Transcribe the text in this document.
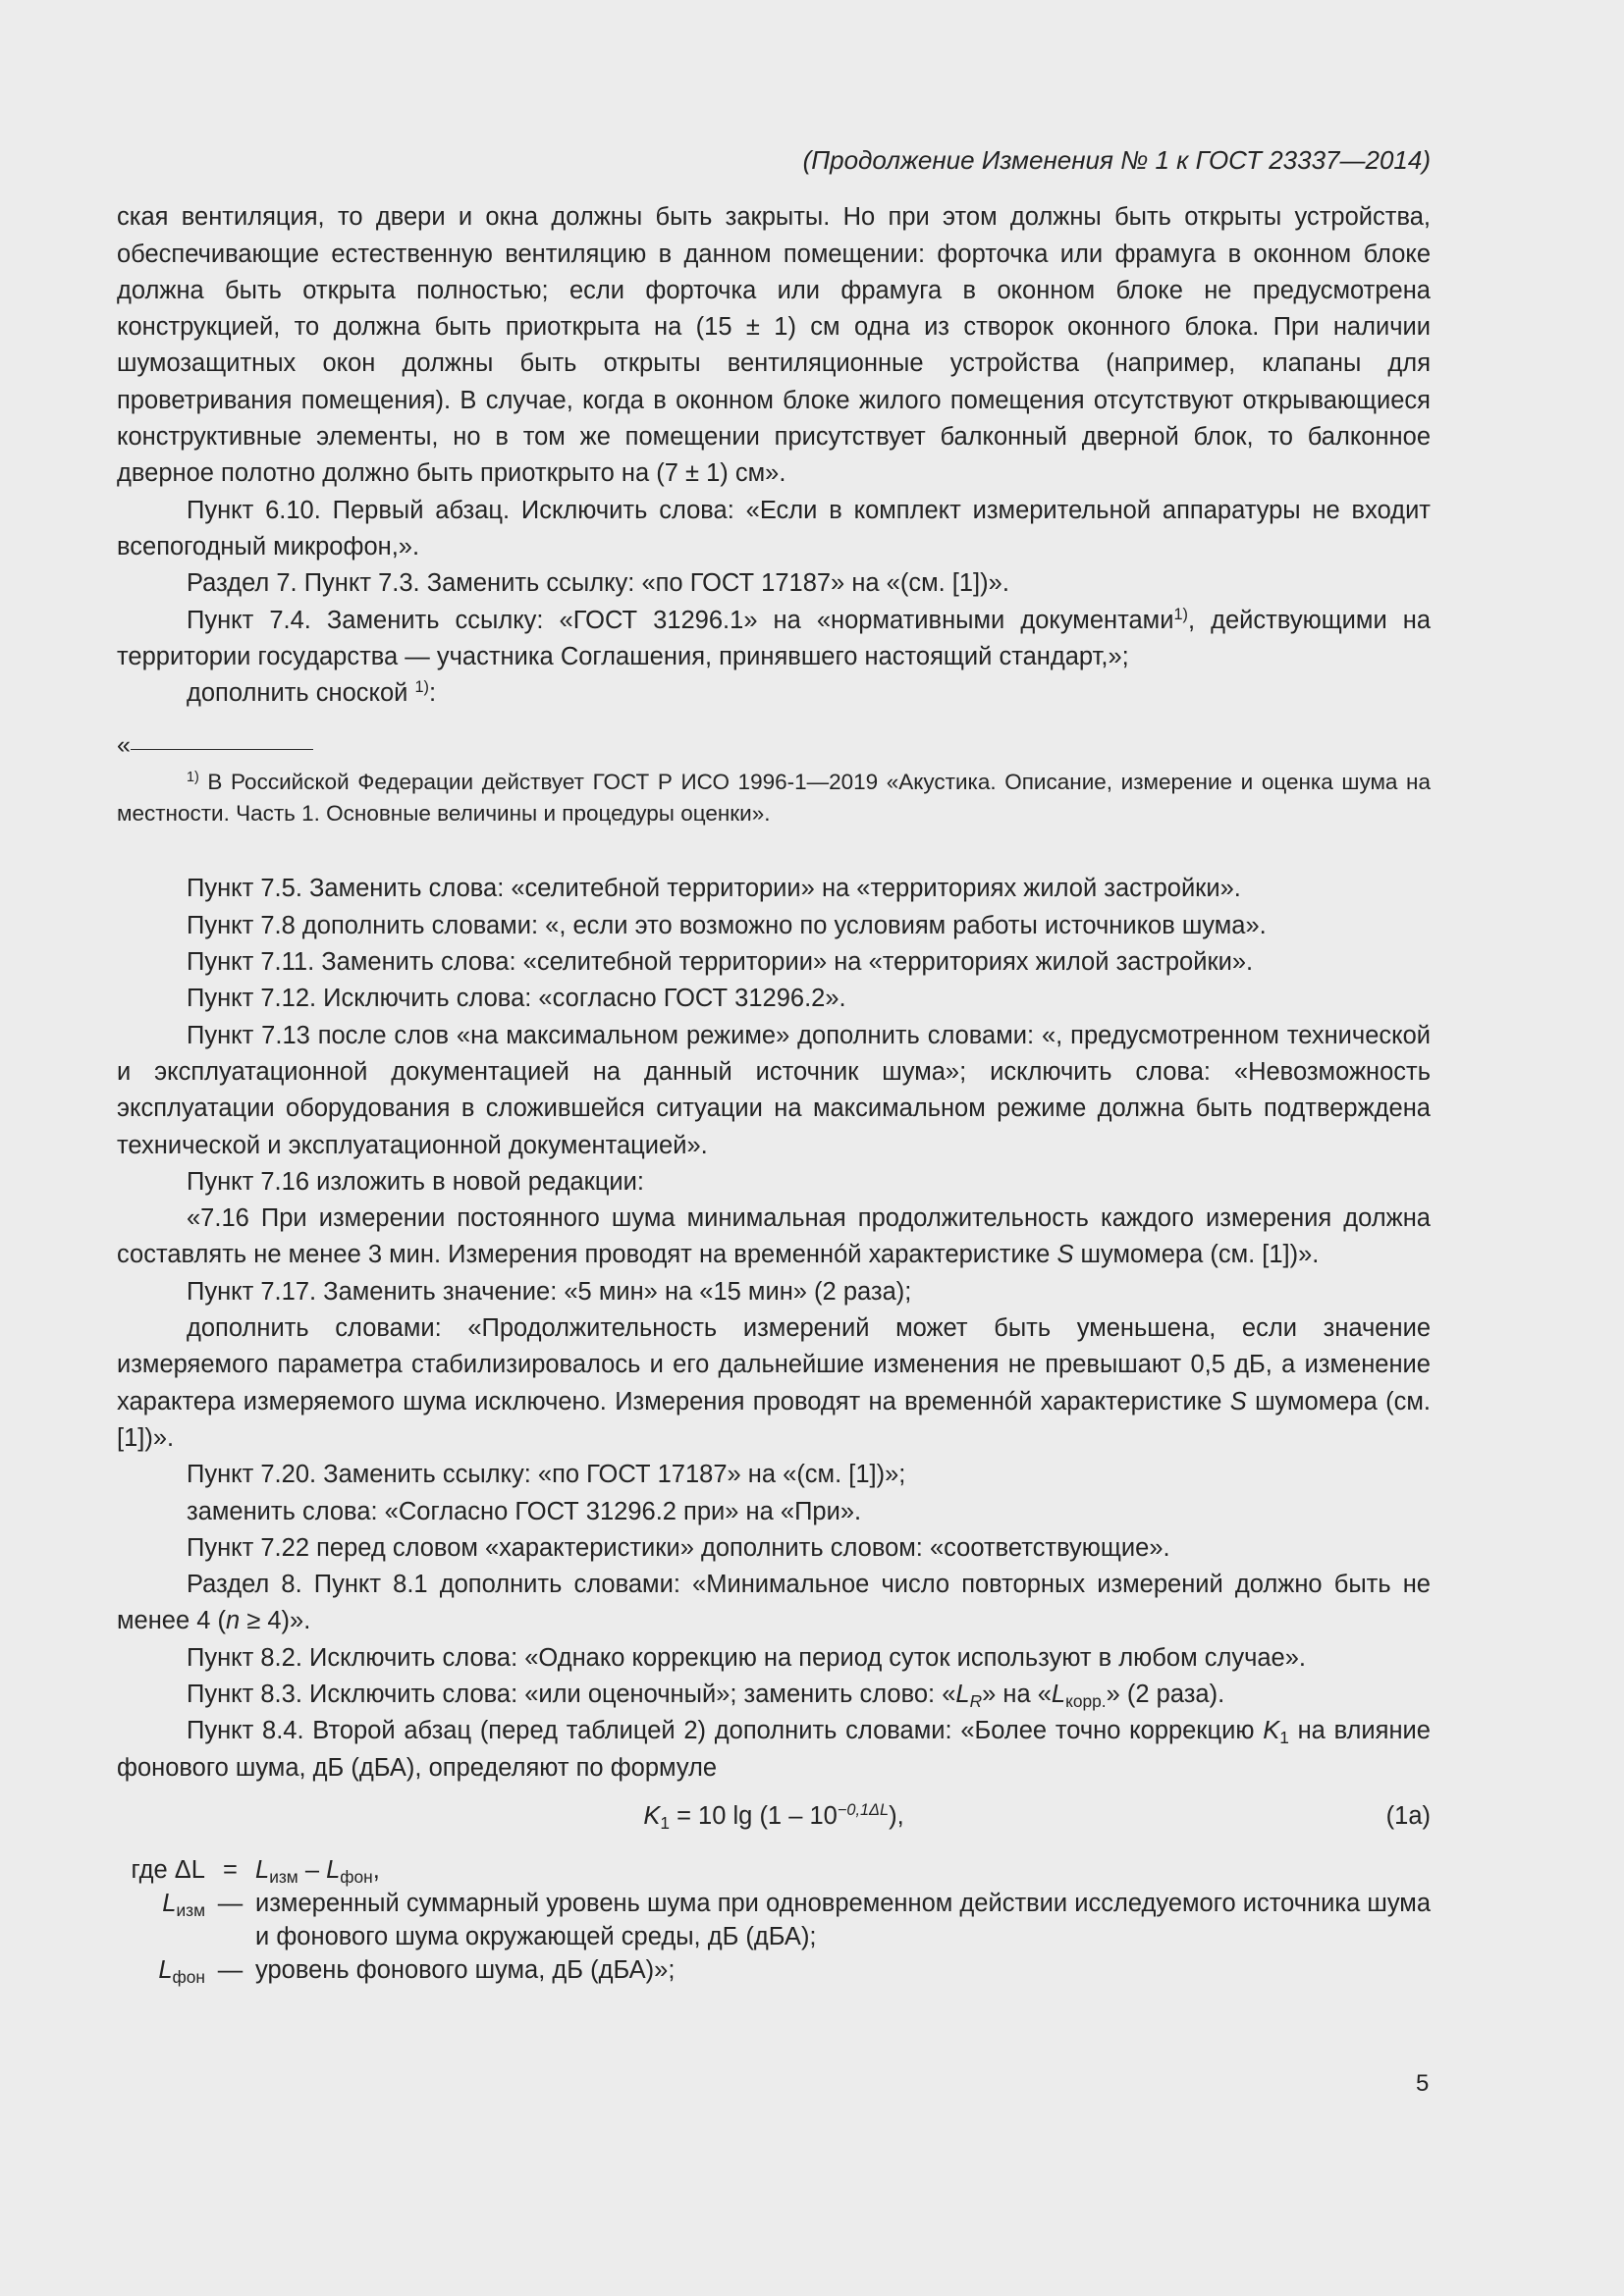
(Продолжение Изменения № 1 к ГОСТ 23337—2014)

ская вентиляция, то двери и окна должны быть закрыты. Но при этом должны быть открыты устройства, обеспечивающие естественную вентиляцию в данном помещении: форточка или фрамуга в оконном блоке должна быть открыта полностью; если форточка или фрамуга в оконном блоке не предусмотрена конструкцией, то должна быть приоткрыта на (15 ± 1) см одна из створок оконного блока. При наличии шумозащитных окон должны быть открыты вентиляционные устройства (например, клапаны для проветривания помещения). В случае, когда в оконном блоке жилого помещения отсутствуют открывающиеся конструктивные элементы, но в том же помещении присутствует балконный дверной блок, то балконное дверное полотно должно быть приоткрыто на (7 ± 1) см».

Пункт 6.10. Первый абзац. Исключить слова: «Если в комплект измерительной аппаратуры не входит всепогодный микрофон,».

Раздел 7. Пункт 7.3. Заменить ссылку: «по ГОСТ 17187» на «(см. [1])».

Пункт 7.4. Заменить ссылку: «ГОСТ 31296.1» на «нормативными документами$^{1)}$, действующими на территории государства — участника Соглашения, принявшего настоящий стандарт,»;

дополнить сноской $^{1)}$:

«
$^{1)}$ В Российской Федерации действует ГОСТ Р ИСО 1996-1—2019 «Акустика. Описание, измерение и оценка шума на местности. Часть 1. Основные величины и процедуры оценки».

Пункт 7.5. Заменить слова: «селитебной территории» на «территориях жилой застройки».

Пункт 7.8 дополнить словами: «, если это возможно по условиям работы источников шума».

Пункт 7.11. Заменить слова: «селитебной территории» на «территориях жилой застройки».

Пункт 7.12. Исключить слова: «согласно ГОСТ 31296.2».

Пункт 7.13 после слов «на максимальном режиме» дополнить словами: «, предусмотренном технической и эксплуатационной документацией на данный источник шума»; исключить слова: «Невозможность эксплуатации оборудования в сложившейся ситуации на максимальном режиме должна быть подтверждена технической и эксплуатационной документацией».

Пункт 7.16 изложить в новой редакции:

«7.16 При измерении постоянного шума минимальная продолжительность каждого измерения должна составлять не менее 3 мин. Измерения проводят на временнóй характеристике S шумомера (см. [1])».

Пункт 7.17. Заменить значение: «5 мин» на «15 мин» (2 раза);

дополнить словами: «Продолжительность измерений может быть уменьшена, если значение измеряемого параметра стабилизировалось и его дальнейшие изменения не превышают 0,5 дБ, а изменение характера измеряемого шума исключено. Измерения проводят на временнóй характеристике S шумомера (см. [1])».

Пункт 7.20. Заменить ссылку: «по ГОСТ 17187» на «(см. [1])»;

заменить слова: «Согласно ГОСТ 31296.2 при» на «При».

Пункт 7.22 перед словом «характеристики» дополнить словом: «соответствующие».

Раздел 8. Пункт 8.1 дополнить словами: «Минимальное число повторных измерений должно быть не менее 4 (n ≥ 4)».

Пункт 8.2. Исключить слова: «Однако коррекцию на период суток используют в любом случае».

Пункт 8.3. Исключить слова: «или оценочный»; заменить слово: «$L_R$» на «$L_{корр.}$» (2 раза).

Пункт 8.4. Второй абзац (перед таблицей 2) дополнить словами: «Более точно коррекцию $K_1$ на влияние фонового шума, дБ (дБА), определяют по формуле

$K_1 = 10$ $\lg (1 - 10^{-0,1\Delta L})$,	(1a)
где ΔL	=	$L_{изм} - L_{фон}$,
$L_{изм}$	—	измеренный суммарный уровень шума при одновременном действии исследуемого источника шума и фонового шума окружающей среды, дБ (дБА);
$L_{фон}$	—	уровень фонового шума, дБ (дБА)»;
5
